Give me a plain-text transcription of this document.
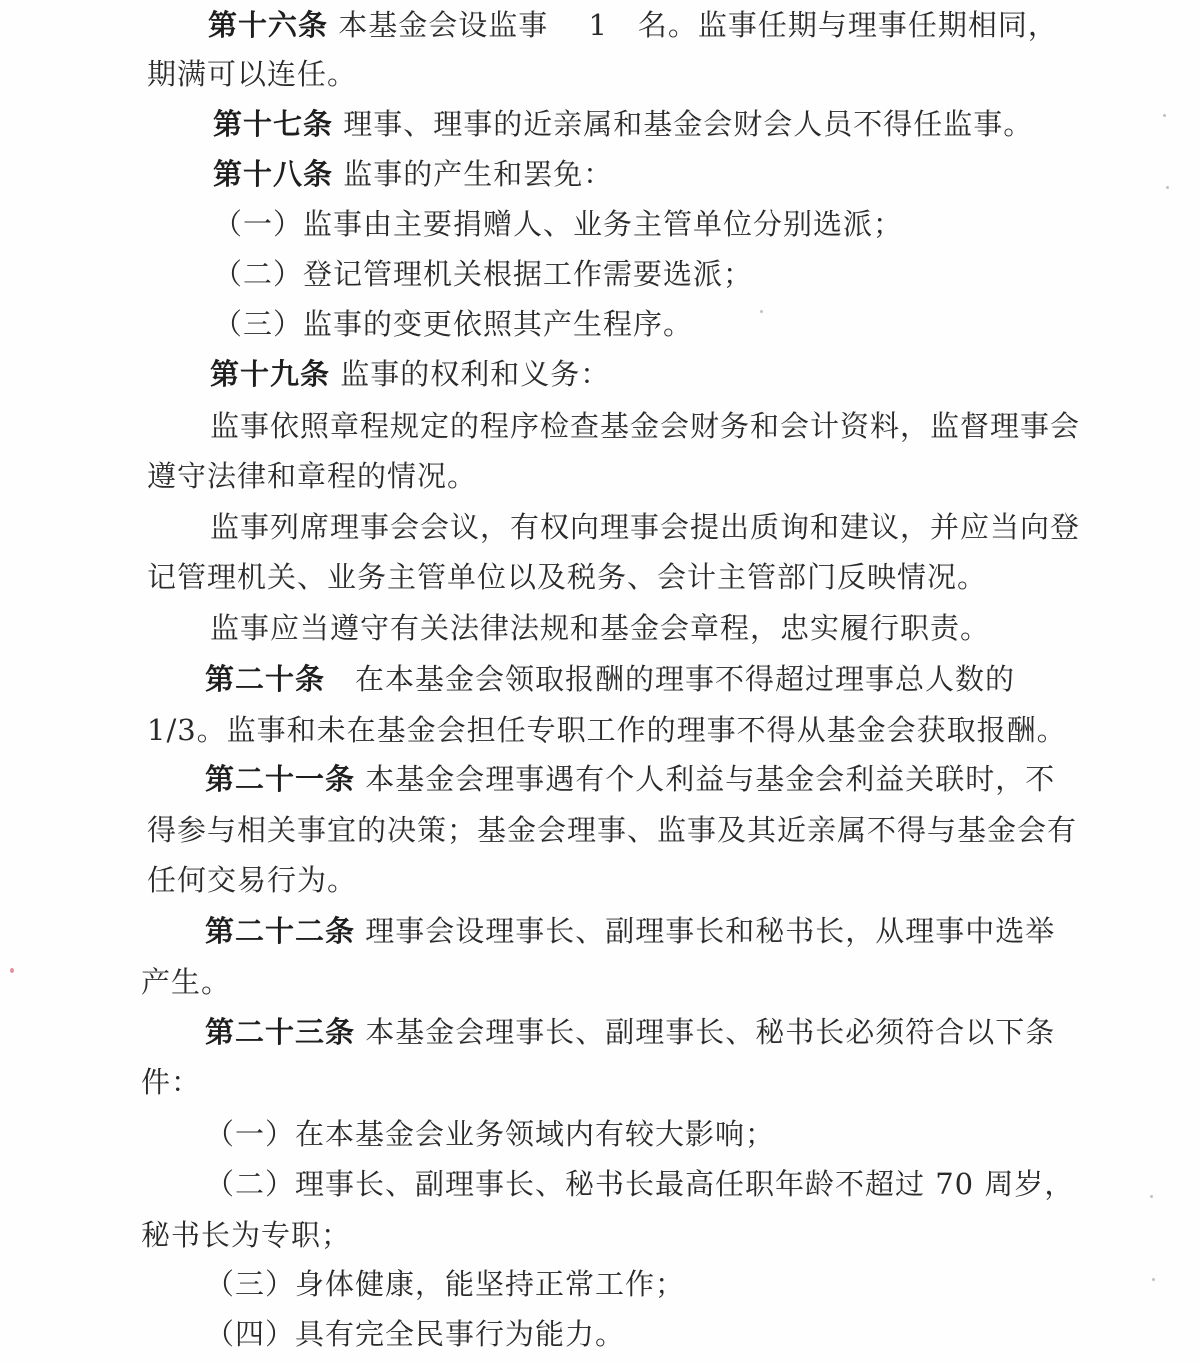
第十六条 本基金会设监事　 1　名。监事任期与理事任期相同，
期满可以连任。
第十七条 理事、理事的近亲属和基金会财会人员不得任监事。
第十八条 监事的产生和罢免：
（一）监事由主要捐赠人、业务主管单位分别选派；
（二）登记管理机关根据工作需要选派；
（三）监事的变更依照其产生程序。
第十九条 监事的权利和义务：
监事依照章程规定的程序检查基金会财务和会计资料，监督理事会
遵守法律和章程的情况。
监事列席理事会会议，有权向理事会提出质询和建议，并应当向登
记管理机关、业务主管单位以及税务、会计主管部门反映情况。
监事应当遵守有关法律法规和基金会章程，忠实履行职责。
第二十条　在本基金会领取报酬的理事不得超过理事总人数的
1/3。监事和未在基金会担任专职工作的理事不得从基金会获取报酬。
第二十一条 本基金会理事遇有个人利益与基金会利益关联时，不
得参与相关事宜的决策；基金会理事、监事及其近亲属不得与基金会有
任何交易行为。
第二十二条 理事会设理事长、副理事长和秘书长，从理事中选举
产生。
第二十三条 本基金会理事长、副理事长、秘书长必须符合以下条
件：
（一）在本基金会业务领域内有较大影响；
（二）理事长、副理事长、秘书长最高任职年龄不超过 70 周岁，
秘书长为专职；
（三）身体健康，能坚持正常工作；
（四）具有完全民事行为能力。
